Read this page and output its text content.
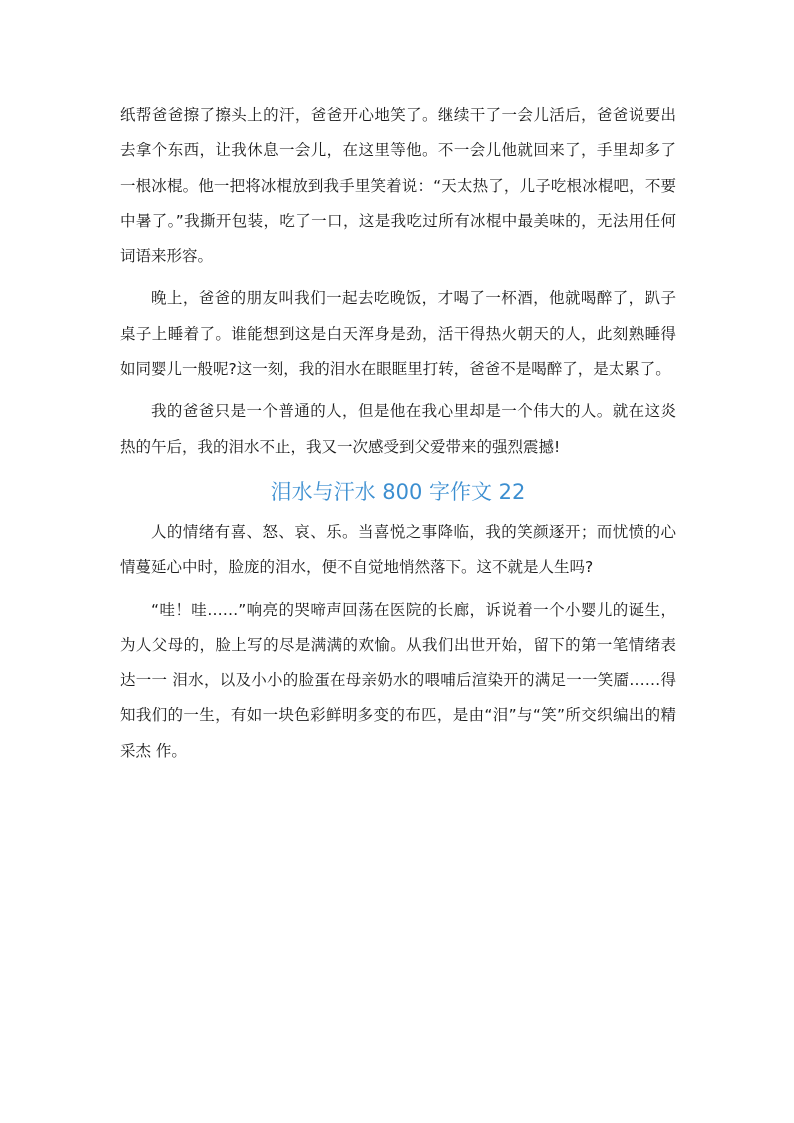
纸帮爸爸擦了擦头上的汗，爸爸开心地笑了。继续干了一会儿活后，爸爸说要出去拿个东西，让我休息一会儿，在这里等他。不一会儿他就回来了，手里却多了一根冰棍。他一把将冰棍放到我手里笑着说：“天太热了，儿子吃根冰棍吧，不要中暑了。”我撕开包装，吃了一口，这是我吃过所有冰棍中最美味的，无法用任何词语来形容。

晚上，爸爸的朋友叫我们一起去吃晚饭，才喝了一杯酒，他就喝醉了，趴子桌子上睡着了。谁能想到这是白天浑身是劲，活干得热火朝天的人，此刻熟睡得如同婴儿一般呢?这一刻，我的泪水在眼眶里打转，爸爸不是喝醉了，是太累了。

我的爸爸只是一个普通的人，但是他在我心里却是一个伟大的人。就在这炎热的午后，我的泪水不止，我又一次感受到父爱带来的强烈震撼!

泪水与汗水 800 字作文 22

人的情绪有喜、怒、哀、乐。当喜悦之事降临，我的笑颜逐开；而忧愤的心情蔓延心中时，脸庞的泪水，便不自觉地悄然落下。这不就是人生吗?

“哇！哇……”响亮的哭啼声回荡在医院的长廊，诉说着一个小婴儿的诞生，为人父母的，脸上写的尽是满满的欢愉。从我们出世开始，留下的第一笔情绪表达一一 泪水，以及小小的脸蛋在母亲奶水的喂哺后渲染开的满足一一笑靥……得知我们的一生，有如一块色彩鲜明多变的布匹，是由“泪”与“笑”所交织编出的精采杰 作。
